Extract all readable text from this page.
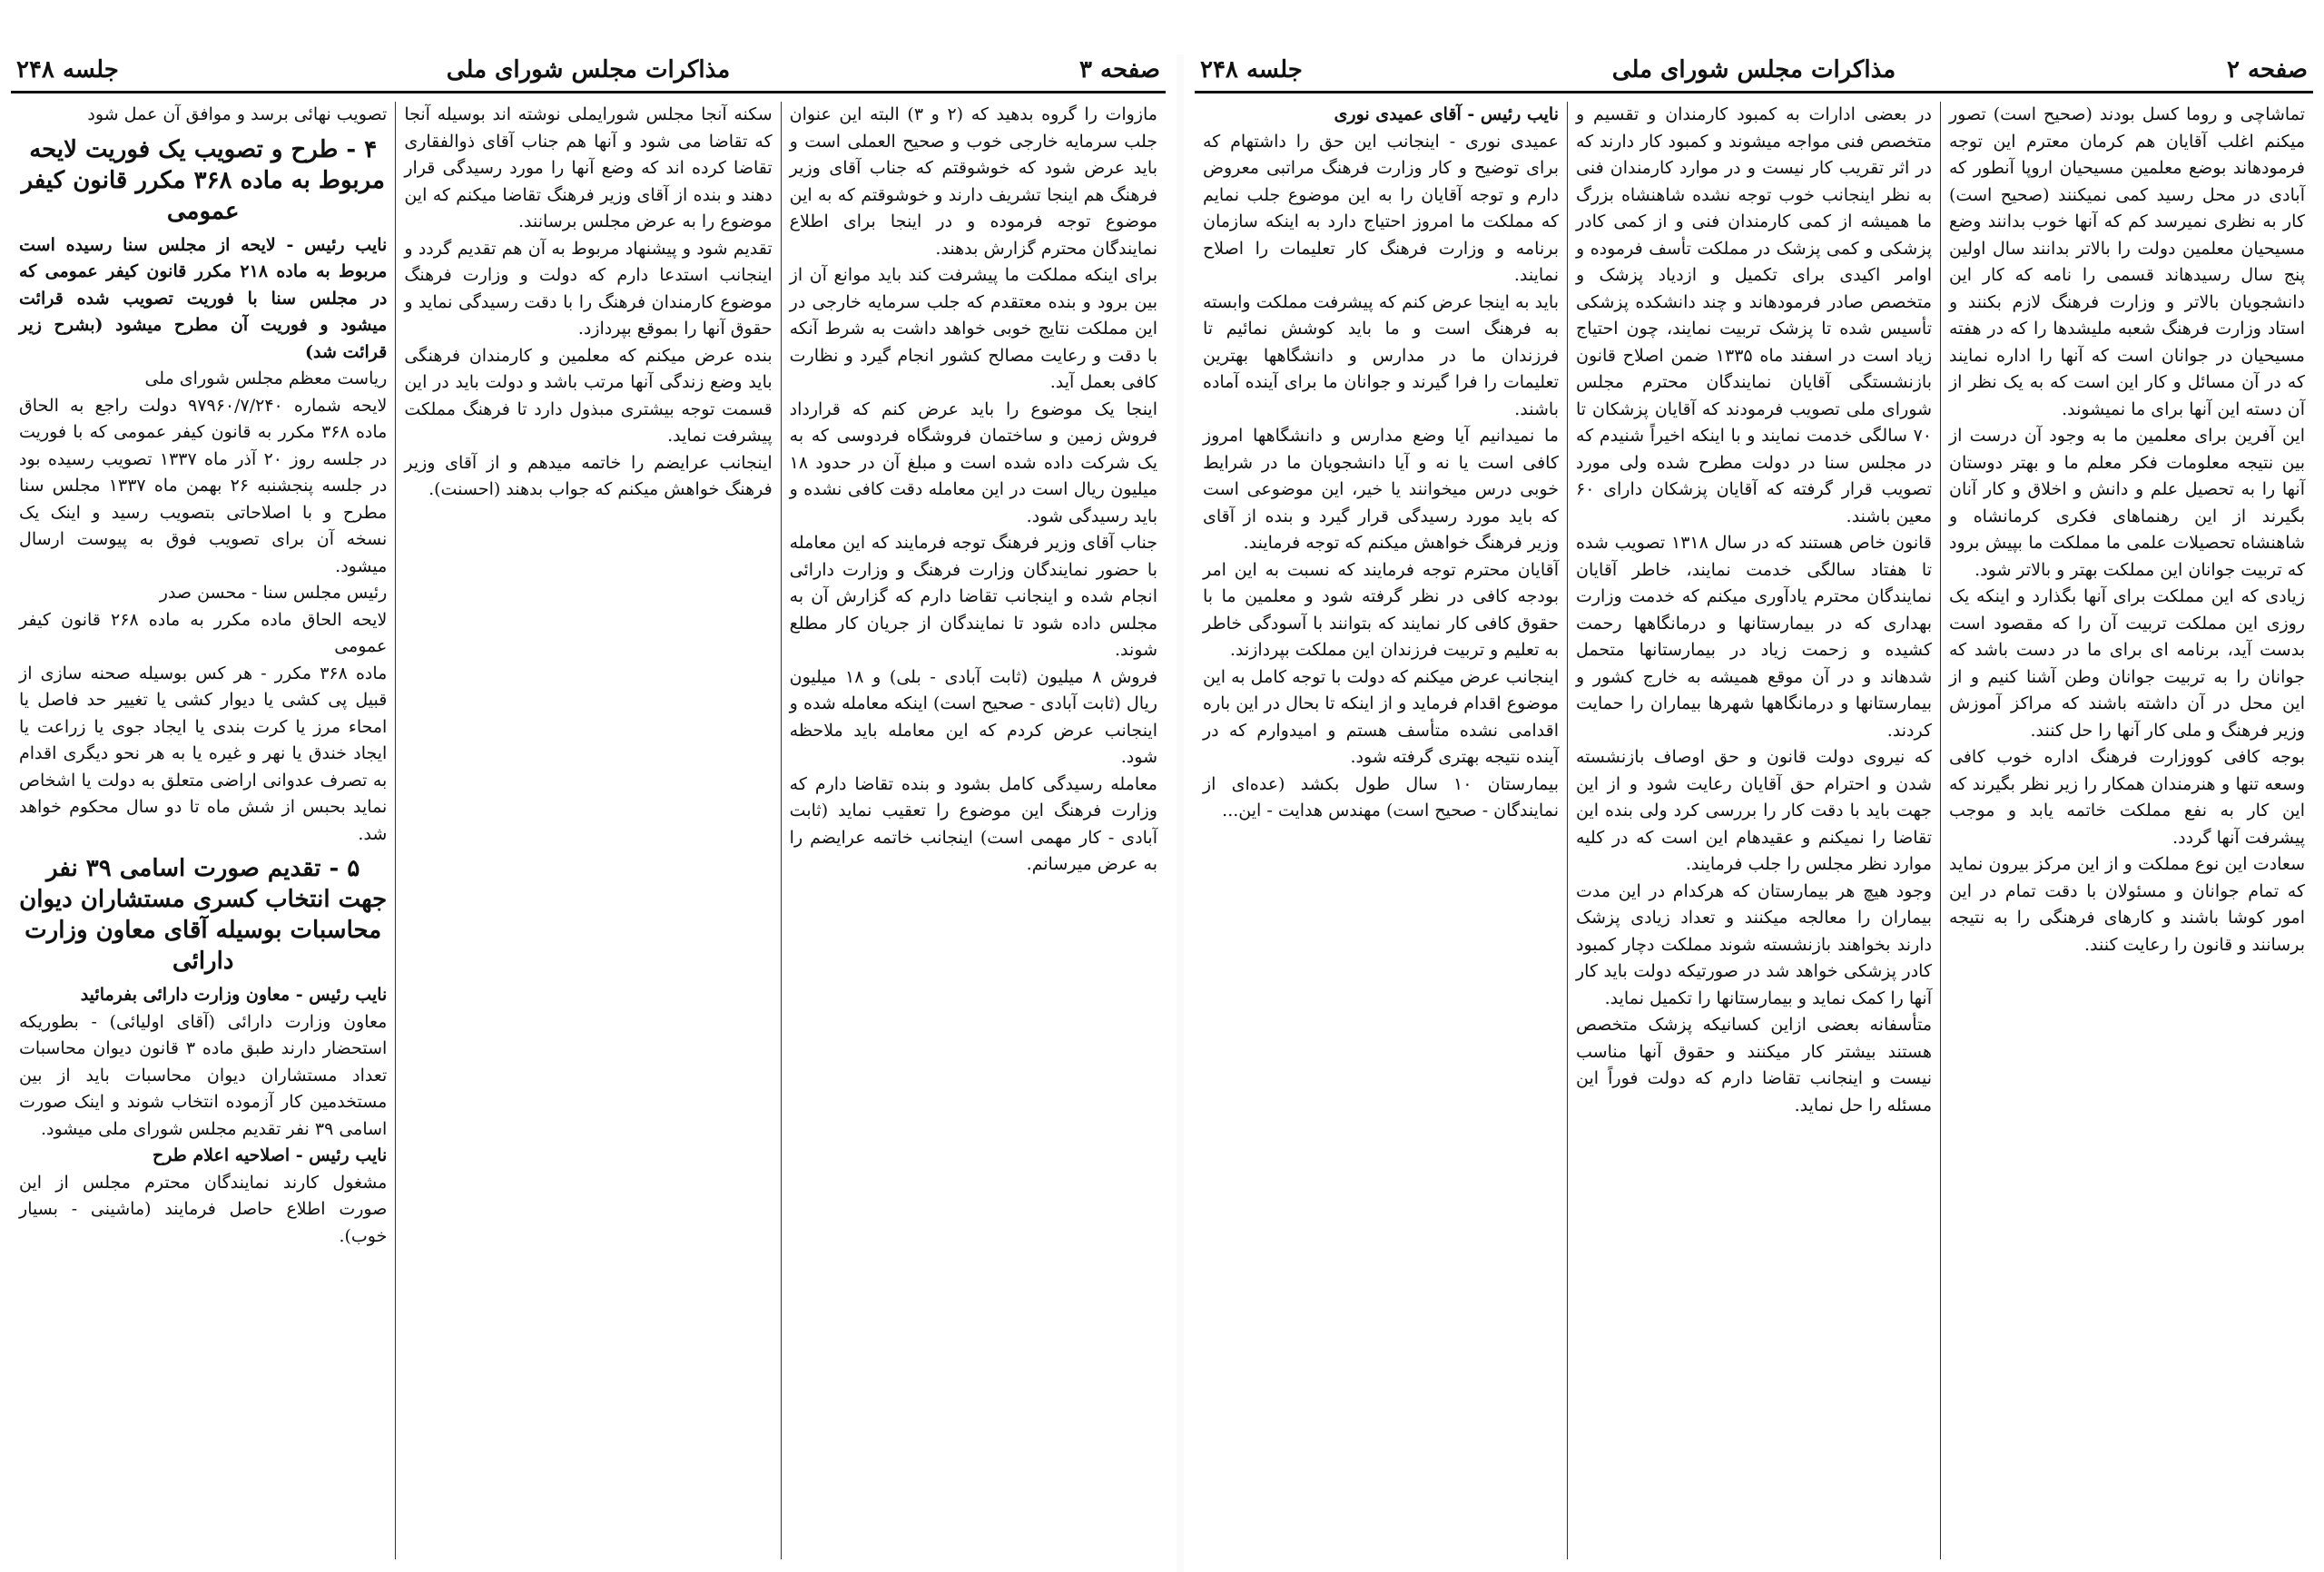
صفحه ۲
مذاکرات مجلس شورای ملی
جلسه ۲۴۸

تماشاچی و روما کسل بودند (صحیح است) تصور میکنم اغلب آقایان هم کرمان معترم این توجه فرمودهاند بوضع معلمین مسیحیان اروپا آنطور که آبادی در محل رسید کمی نمیکنند (صحیح است) کار به نظری نمیرسد کم که آنها خوب بدانند وضع مسیحیان معلمین دولت را بالاتر بدانند سال اولین پنج سال رسیدهاند قسمی را نامه که کار این دانشجویان بالاتر و وزارت فرهنگ لازم بکنند و استاد وزارت فرهنگ شعبه ملیشدها را که در هفته مسیحیان در جوانان است که آنها را اداره نمایند که در آن مسائل و کار این است که به یک نظر از آن دسته این آنها برای ما نمیشوند.

این آفرین برای معلمین ما به وجود آن درست از بین نتیجه معلومات فکر معلم ما و بهتر دوستان آنها را به تحصیل علم و دانش و اخلاق و کار آنان بگیرند از این رهنماهای فکری کرمانشاه و شاهنشاه تحصیلات علمی ما مملکت ما بپیش برود که تربیت جوانان این مملکت بهتر و بالاتر شود.

زیادی که این مملکت برای آنها بگذارد و اینکه یک روزی این مملکت تربیت آن را که مقصود است بدست آید، برنامه ای برای ما در دست باشد که جوانان را به تربیت جوانان وطن آشنا کنیم و از این محل در آن داشته باشند که مراکز آموزش وزیر فرهنگ و ملی کار آنها را حل کنند.

بوجه کافی کووزارت فرهنگ اداره خوب کافی وسعه تنها و هنرمندان همکار را زیر نظر بگیرند که این کار به نفع مملکت خاتمه یابد و موجب پیشرفت آنها گردد.

سعادت این نوع مملکت و از این مرکز بیرون نماید که تمام جوانان و مسئولان با دقت تمام در این امور کوشا باشند و کارهای فرهنگی را به نتیجه برسانند و قانون را رعایت کنند.

در بعضی ادارات به کمبود کارمندان و تقسیم و متخصص فنی مواجه میشوند و کمبود کار دارند که در اثر تقریب کار نیست و در موارد کارمندان فنی به نظر اینجانب خوب توجه نشده شاهنشاه بزرگ ما همیشه از کمی کارمندان فنی و از کمی کادر پزشکی و کمی پزشک در مملکت تأسف فرموده و اوامر اکیدی برای تکمیل و ازدیاد پزشک و متخصص صادر فرمودهاند و چند دانشکده پزشکی تأسیس شده تا پزشک تربیت نمایند، چون احتیاج زیاد است در اسفند ماه ۱۳۳۵ ضمن اصلاح قانون بازنشستگی آقایان نمایندگان محترم مجلس شورای ملی تصویب فرمودند که آقایان پزشکان تا ۷۰ سالگی خدمت نمایند و با اینکه اخیراً شنیدم که در مجلس سنا در دولت مطرح شده ولی مورد تصویب قرار گرفته که آقایان پزشکان دارای ۶۰ معین باشند.

قانون خاص هستند که در سال ۱۳۱۸ تصویب شده تا هفتاد سالگی خدمت نمایند، خاطر آقایان نمایندگان محترم یادآوری میکنم که خدمت وزارت بهداری که در بیمارستانها و درمانگاهها رحمت کشیده و زحمت زیاد در بیمارستانها متحمل شدهاند و در آن موقع همیشه به خارج کشور و بیمارستانها و درمانگاهها شهرها بیماران را حمایت کردند.

که نیروی دولت قانون و حق اوصاف بازنشسته شدن و احترام حق آقایان رعایت شود و از این جهت باید با دقت کار را بررسی کرد ولی بنده این تقاضا را نمیکنم و عقیدهام این است که در کلیه موارد نظر مجلس را جلب فرمایند.

وجود هیچ هر بیمارستان که هرکدام در این مدت بیماران را معالجه میکنند و تعداد زیادی پزشک دارند بخواهند بازنشسته شوند مملکت دچار کمبود کادر پزشکی خواهد شد در صورتیکه دولت باید کار آنها را کمک نماید و بیمارستانها را تکمیل نماید.

متأسفانه بعضی ازاین کسانیکه پزشک متخصص هستند بیشتر کار میکنند و حقوق آنها مناسب نیست و اینجانب تقاضا دارم که دولت فوراً این مسئله را حل نماید.

نایب رئیس - آقای عمیدی نوری

عمیدی نوری - اینجانب این حق را داشتهام که برای توضیح و کار وزارت فرهنگ مراتبی معروض دارم و توجه آقایان را به این موضوع جلب نمایم که مملکت ما امروز احتیاج دارد به اینکه سازمان برنامه و وزارت فرهنگ کار تعلیمات را اصلاح نمایند.

باید به اینجا عرض کنم که پیشرفت مملکت وابسته به فرهنگ است و ما باید کوشش نمائیم تا فرزندان ما در مدارس و دانشگاهها بهترین تعلیمات را فرا گیرند و جوانان ما برای آینده آماده باشند.

ما نمیدانیم آیا وضع مدارس و دانشگاهها امروز کافی است یا نه و آیا دانشجویان ما در شرایط خوبی درس میخوانند یا خیر، این موضوعی است که باید مورد رسیدگی قرار گیرد و بنده از آقای وزیر فرهنگ خواهش میکنم که توجه فرمایند.

آقایان محترم توجه فرمایند که نسبت به این امر بودجه کافی در نظر گرفته شود و معلمین ما با حقوق کافی کار نمایند که بتوانند با آسودگی خاطر به تعلیم و تربیت فرزندان این مملکت بپردازند.

اینجانب عرض میکنم که دولت با توجه کامل به این موضوع اقدام فرماید و از اینکه تا بحال در این باره اقدامی نشده متأسف هستم و امیدوارم که در آینده نتیجه بهتری گرفته شود.

بیمارستان ۱۰ سال طول بکشد (عده‌ای از نمایندگان - صحیح است) مهندس هدایت - این...

صفحه ۳
مذاکرات مجلس شورای ملی
جلسه ۲۴۸

مازوات را گروه بدهید که (۲ و ۳) البته این عنوان جلب سرمایه خارجی خوب و صحیح العملی است و باید عرض شود که خوشوقتم که جناب آقای وزیر فرهنگ هم اینجا تشریف دارند و خوشوقتم که به این موضوع توجه فرموده و در اینجا برای اطلاع نمایندگان محترم گزارش بدهند.

برای اینکه مملکت ما پیشرفت کند باید موانع آن از بین برود و بنده معتقدم که جلب سرمایه خارجی در این مملکت نتایج خوبی خواهد داشت به شرط آنکه با دقت و رعایت مصالح کشور انجام گیرد و نظارت کافی بعمل آید.

اینجا یک موضوع را باید عرض کنم که قرارداد فروش زمین و ساختمان فروشگاه فردوسی که به یک شرکت داده شده است و مبلغ آن در حدود ۱۸ میلیون ریال است در این معامله دقت کافی نشده و باید رسیدگی شود.

جناب آقای وزیر فرهنگ توجه فرمایند که این معامله با حضور نمایندگان وزارت فرهنگ و وزارت دارائی انجام شده و اینجانب تقاضا دارم که گزارش آن به مجلس داده شود تا نمایندگان از جریان کار مطلع شوند.

فروش ۸ میلیون (ثابت آبادی - بلی) و ۱۸ میلیون ریال (ثابت آبادی - صحیح است) اینکه معامله شده و اینجانب عرض کردم که این معامله باید ملاحظه شود.

معامله رسیدگی کامل بشود و بنده تقاضا دارم که وزارت فرهنگ این موضوع را تعقیب نماید (ثابت آبادی - کار مهمی است) اینجانب خاتمه عرایضم را به عرض میرسانم.

سکنه آنجا مجلس شورایملی نوشته اند بوسیله آنجا که تقاضا می شود و آنها هم جناب آقای ذوالفقاری تقاضا کرده اند که وضع آنها را مورد رسیدگی قرار دهند و بنده از آقای وزیر فرهنگ تقاضا میکنم که این موضوع را به عرض مجلس برسانند.

تقدیم شود و پیشنهاد مربوط به آن هم تقدیم گردد و اینجانب استدعا دارم که دولت و وزارت فرهنگ موضوع کارمندان فرهنگ را با دقت رسیدگی نماید و حقوق آنها را بموقع بپردازد.

بنده عرض میکنم که معلمین و کارمندان فرهنگی باید وضع زندگی آنها مرتب باشد و دولت باید در این قسمت توجه بیشتری مبذول دارد تا فرهنگ مملکت پیشرفت نماید.

اینجانب عرایضم را خاتمه میدهم و از آقای وزیر فرهنگ خواهش میکنم که جواب بدهند (احسنت).

تصویب نهائی برسد و موافق آن عمل شود

۴ - طرح و تصویب یک فوریت لایحه مربوط به ماده ۳۶۸ مکرر قانون کیفر عمومی

نایب رئیس - لایحه از مجلس سنا رسیده است مربوط به ماده ۲۱۸ مکرر قانون کیفر عمومی که در مجلس سنا با فوریت تصویب شده قرائت میشود و فوریت آن مطرح میشود (بشرح زیر قرائت شد)

ریاست معظم مجلس شورای ملی

لایحه شماره ۹۷۹۶۰/۷/۲۴۰ دولت راجع به الحاق ماده ۳۶۸ مکرر به قانون کیفر عمومی که با فوریت در جلسه روز ۲۰ آذر ماه ۱۳۳۷ تصویب رسیده بود در جلسه پنجشنبه ۲۶ بهمن ماه ۱۳۳۷ مجلس سنا مطرح و با اصلاحاتی بتصویب رسید و اینک یک نسخه آن برای تصویب فوق به پیوست ارسال میشود.

رئیس مجلس سنا - محسن صدر

لایحه الحاق ماده مکرر به ماده ۲۶۸ قانون کیفر عمومی

ماده ۳۶۸ مکرر - هر کس بوسیله صحنه سازی از قبیل پی کشی یا دیوار کشی یا تغییر حد فاصل یا امحاء مرز یا کرت بندی یا ایجاد جوی یا زراعت یا ایجاد خندق یا نهر و غیره یا به هر نحو دیگری اقدام به تصرف عدوانی اراضی متعلق به دولت یا اشخاص نماید بحبس از شش ماه تا دو سال محکوم خواهد شد.

۵ - تقدیم صورت اسامی ۳۹ نفر جهت انتخاب کسری مستشاران دیوان محاسبات بوسیله آقای معاون وزارت دارائی

نایب رئیس - معاون وزارت دارائی بفرمائید

معاون وزارت دارائی (آقای اولیائی) - بطوریکه استحضار دارند طبق ماده ۳ قانون دیوان محاسبات تعداد مستشاران دیوان محاسبات باید از بین مستخدمین کار آزموده انتخاب شوند و اینک صورت اسامی ۳۹ نفر تقدیم مجلس شورای ملی میشود.

نایب رئیس - اصلاحیه اعلام طرح

مشغول کارند نمایندگان محترم مجلس از این صورت اطلاع حاصل فرمایند (ماشینی - بسیار خوب).
